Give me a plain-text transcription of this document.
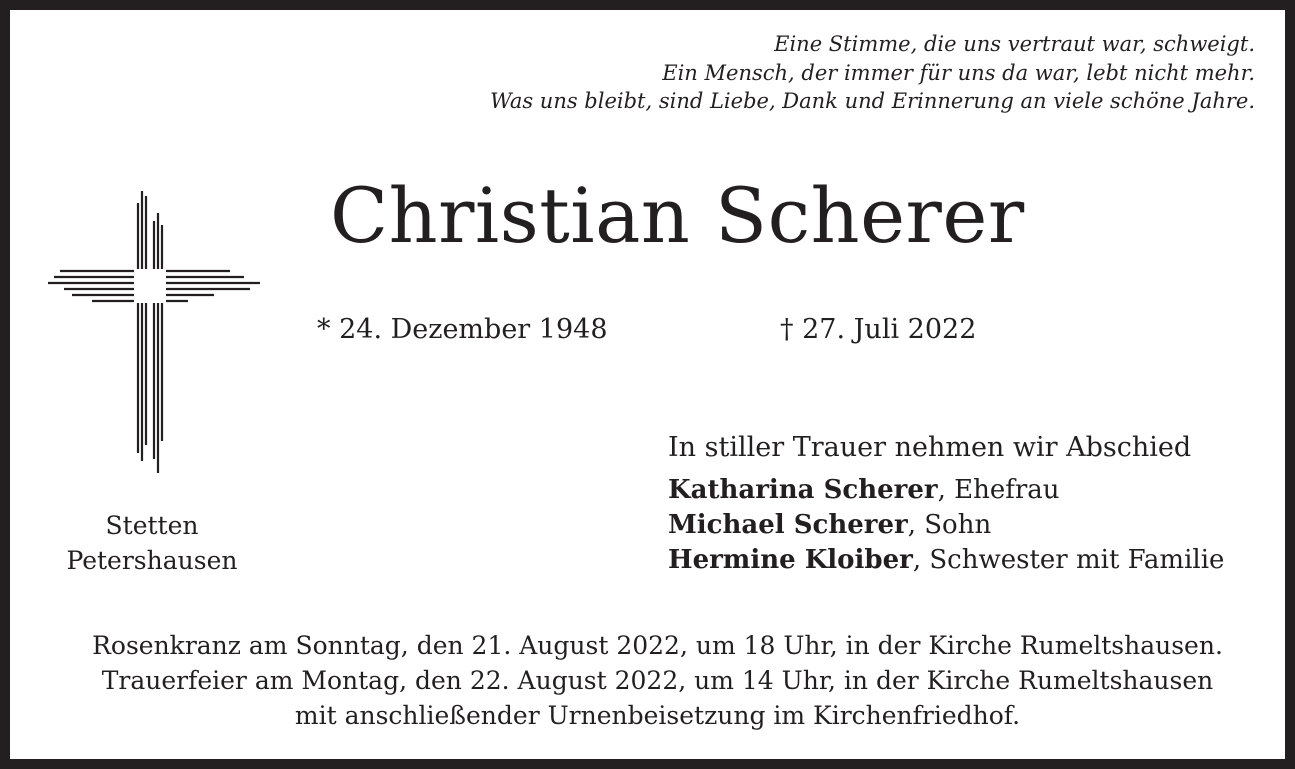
Eine Stimme, die uns vertraut war, schweigt.
Ein Mensch, der immer für uns da war, lebt nicht mehr.
Was uns bleibt, sind Liebe, Dank und Erinnerung an viele schöne Jahre.
Christian Scherer
* 24. Dezember 1948	† 27. Juli 2022
Stetten
Petershausen
In stiller Trauer nehmen wir Abschied
Katharina Scherer, Ehefrau
Michael Scherer, Sohn
Hermine Kloiber, Schwester mit Familie
Rosenkranz am Sonntag, den 21. August 2022, um 18 Uhr, in der Kirche Rumeltshausen.
Trauerfeier am Montag, den 22. August 2022, um 14 Uhr, in der Kirche Rumeltshausen
mit anschließender Urnenbeisetzung im Kirchenfriedhof.
